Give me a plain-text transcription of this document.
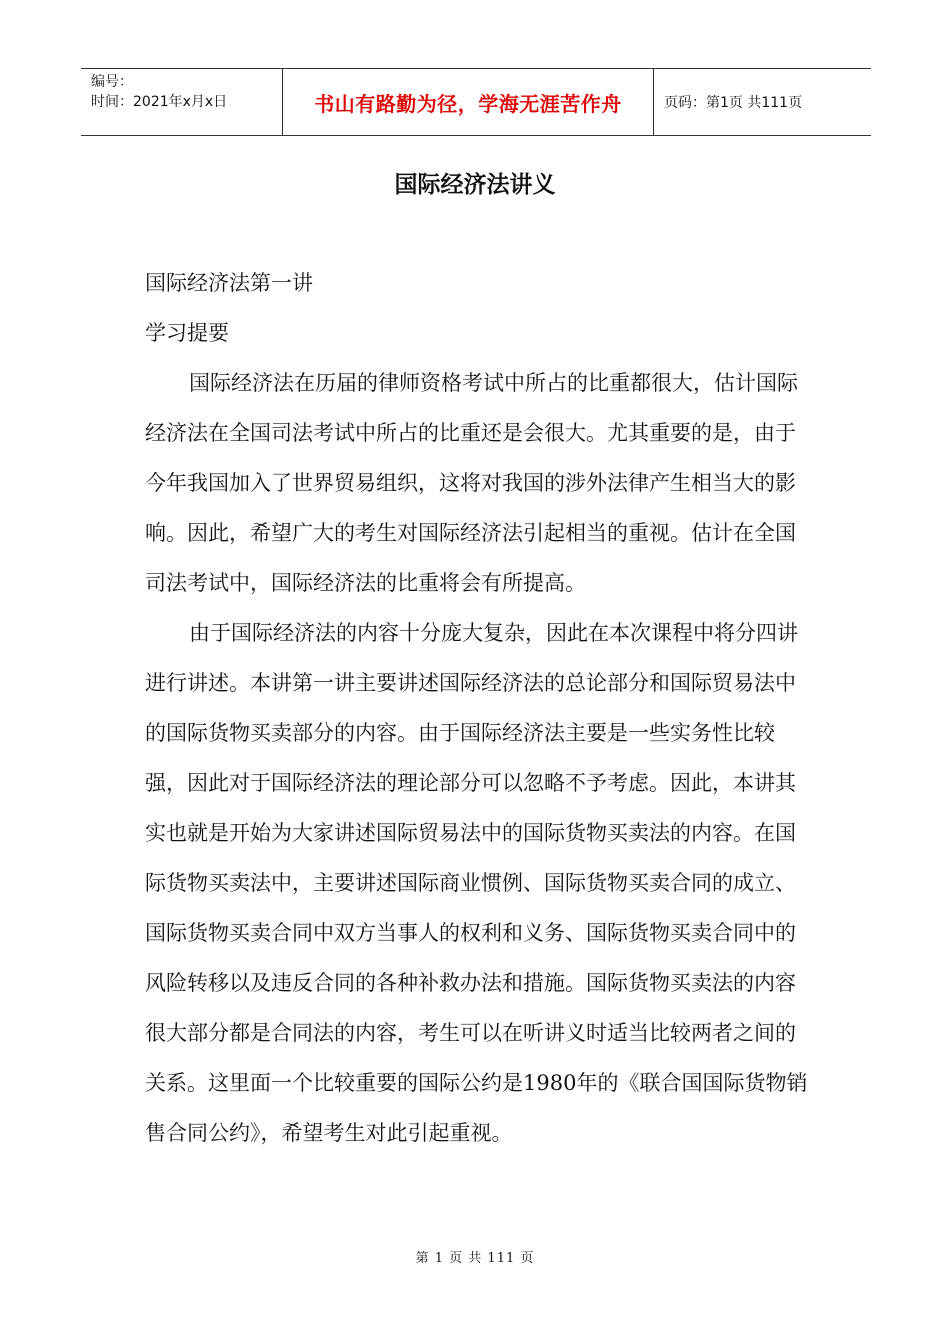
编号：
时间：2021年x月x日	书山有路勤为径，学海无涯苦作舟	页码：第1页 共111页
国际经济法讲义

国际经济法第一讲

学习提要

国际经济法在历届的律师资格考试中所占的比重都很大，估计国际经济法在全国司法考试中所占的比重还是会很大。尤其重要的是，由于今年我国加入了世界贸易组织，这将对我国的涉外法律产生相当大的影响。因此，希望广大的考生对国际经济法引起相当的重视。估计在全国司法考试中，国际经济法的比重将会有所提高。

由于国际经济法的内容十分庞大复杂，因此在本次课程中将分四讲进行讲述。本讲第一讲主要讲述国际经济法的总论部分和国际贸易法中的国际货物买卖部分的内容。由于国际经济法主要是一些实务性比较强，因此对于国际经济法的理论部分可以忽略不予考虑。因此，本讲其实也就是开始为大家讲述国际贸易法中的国际货物买卖法的内容。在国际货物买卖法中，主要讲述国际商业惯例、国际货物买卖合同的成立、国际货物买卖合同中双方当事人的权利和义务、国际货物买卖合同中的风险转移以及违反合同的各种补救办法和措施。国际货物买卖法的内容很大部分都是合同法的内容，考生可以在听讲义时适当比较两者之间的关系。这里面一个比较重要的国际公约是1980年的《联合国国际货物销售合同公约》，希望考生对此引起重视。

第 1 页 共 111 页
